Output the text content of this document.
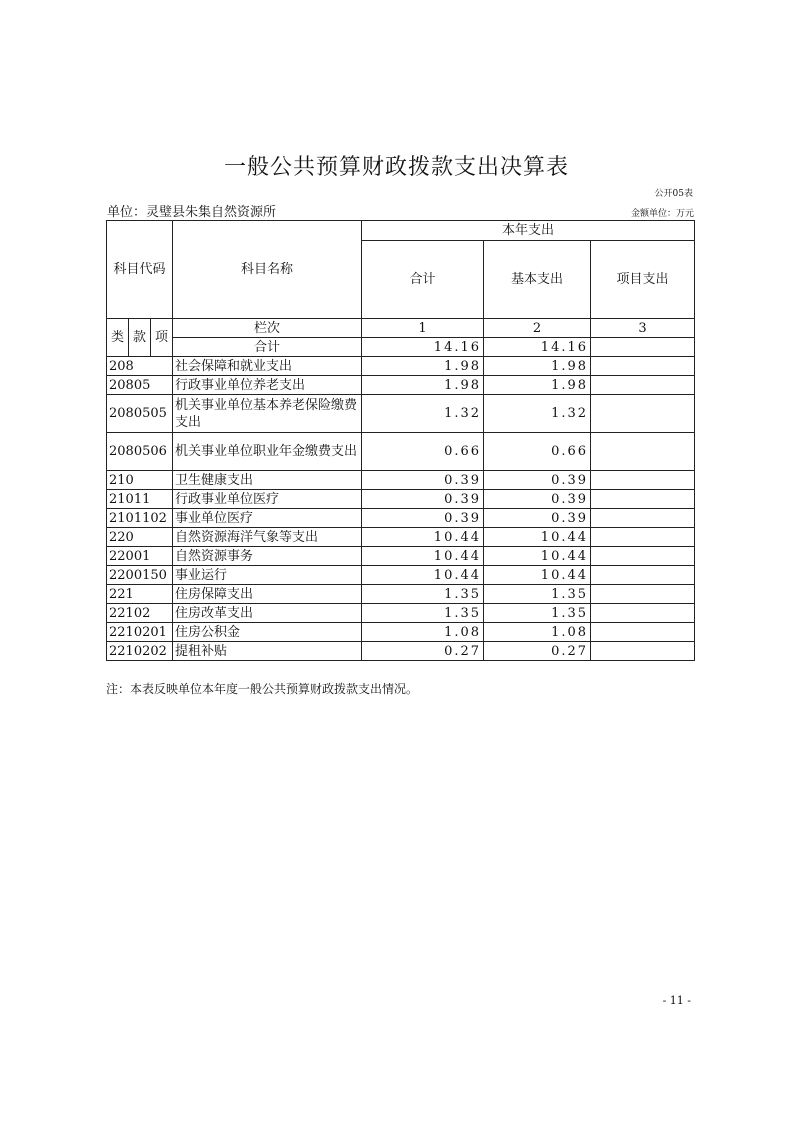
一般公共预算财政拨款支出决算表
公开05表
单位：灵璧县朱集自然资源所	金额单位：万元
科目代码			科目名称	本年支出		
				合计	基本支出	项目支出
类	款	项	栏次	1	2	3
			合计	14.16	14.16	
208			社会保障和就业支出	1.98	1.98	
20805			行政事业单位养老支出	1.98	1.98	
2080505			机关事业单位基本养老保险缴费支出	1.32	1.32	
2080506			机关事业单位职业年金缴费支出	0.66	0.66	
210			卫生健康支出	0.39	0.39	
21011			行政事业单位医疗	0.39	0.39	
2101102			事业单位医疗	0.39	0.39	
220			自然资源海洋气象等支出	10.44	10.44	
22001			自然资源事务	10.44	10.44	
2200150			事业运行	10.44	10.44	
221			住房保障支出	1.35	1.35	
22102			住房改革支出	1.35	1.35	
2210201			住房公积金	1.08	1.08	
2210202			提租补贴	0.27	0.27	
注：本表反映单位本年度一般公共预算财政拨款支出情况。
- 11 -
